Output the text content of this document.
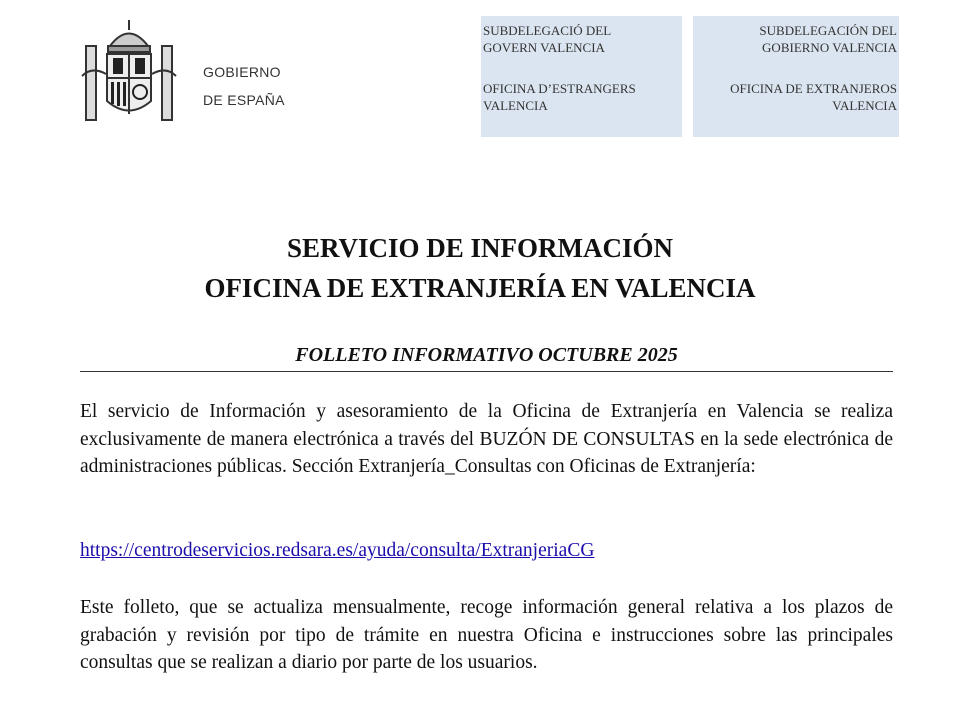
GOBIERNO
DE ESPAÑA

SUBDELEGACIÓ DEL
GOVERN VALENCIA

OFICINA D’ESTRANGERS
VALENCIA

SUBDELEGACIÓN DEL
GOBIERNO VALENCIA

OFICINA DE EXTRANJEROS
VALENCIA

SERVICIO DE INFORMACIÓN
OFICINA DE EXTRANJERÍA EN VALENCIA
FOLLETO INFORMATIVO OCTUBRE 2025
El servicio de Información y asesoramiento de la Oficina de Extranjería en Valencia se realiza exclusivamente de manera electrónica a través del BUZÓN DE CONSULTAS en la sede electrónica de administraciones públicas. Sección Extranjería_Consultas con Oficinas de Extranjería:
https://centrodeservicios.redsara.es/ayuda/consulta/ExtranjeriaCG
Este folleto, que se actualiza mensualmente, recoge información general relativa a los plazos de grabación y revisión por tipo de trámite en nuestra Oficina e instrucciones sobre las principales consultas que se realizan a diario por parte de los usuarios.
